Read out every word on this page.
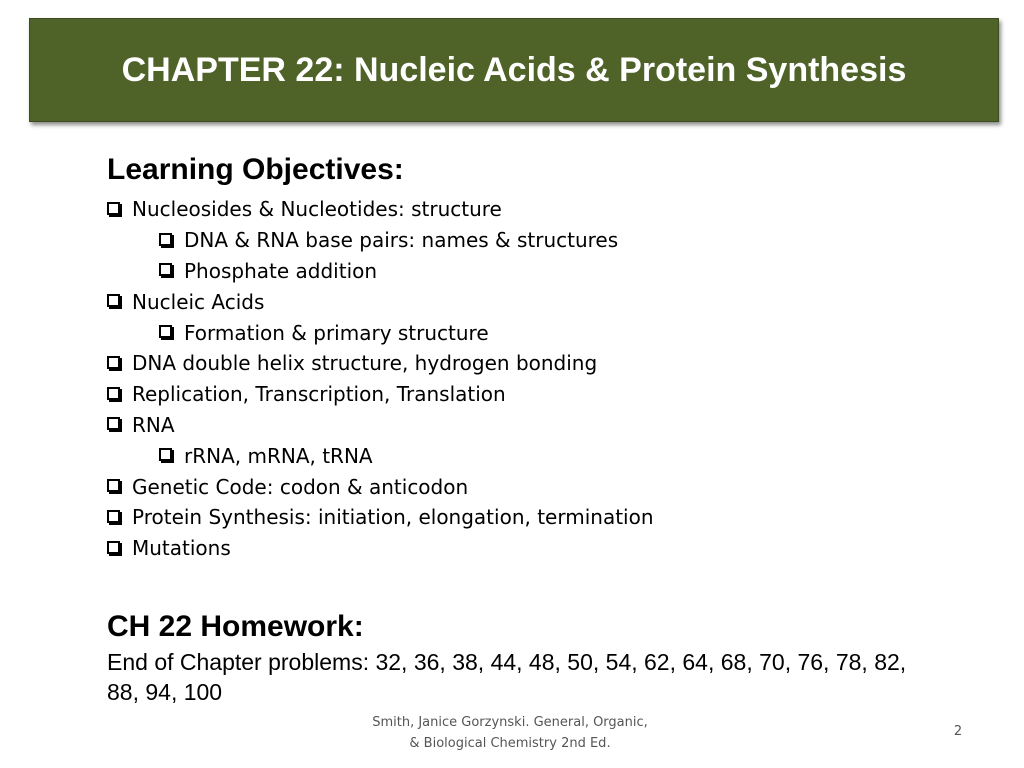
CHAPTER 22: Nucleic Acids & Protein Synthesis
Learning Objectives:
Nucleosides & Nucleotides: structure
DNA & RNA base pairs: names & structures
Phosphate addition
Nucleic Acids
Formation & primary structure
DNA double helix structure, hydrogen bonding
Replication, Transcription, Translation
RNA
rRNA, mRNA, tRNA
Genetic Code: codon & anticodon
Protein Synthesis: initiation, elongation, termination
Mutations
CH 22 Homework:

End of Chapter problems: 32, 36, 38, 44, 48, 50, 54, 62, 64, 68, 70, 76, 78, 82, 88, 94, 100

Smith, Janice Gorzynski. General, Organic,
& Biological Chemistry 2nd Ed.
2
